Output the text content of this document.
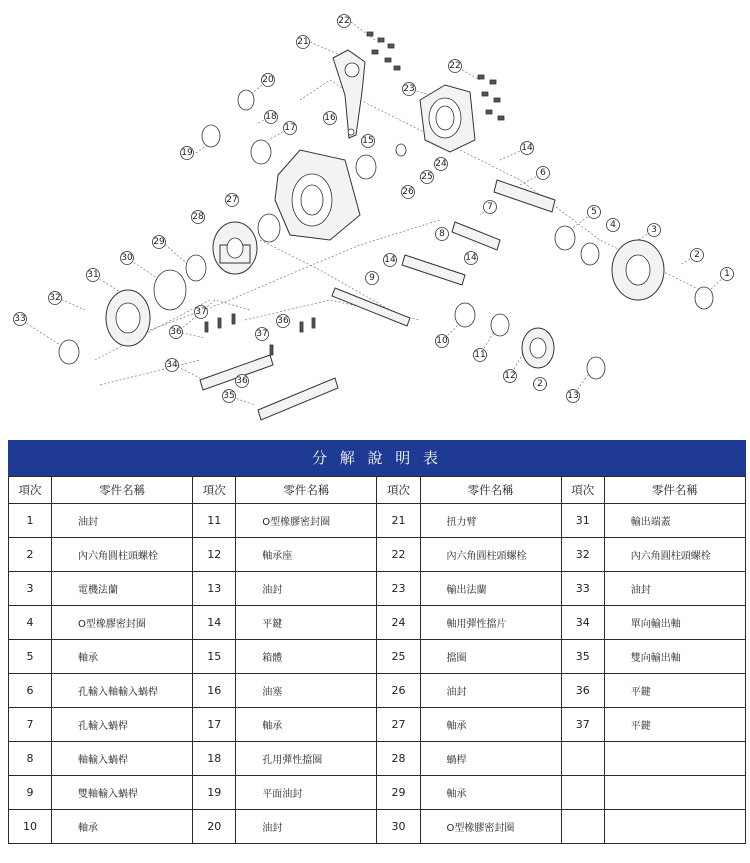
1
2
2
3
4
5
6
7
8
9
10
11
12
13
14
14
14
15
16
17
18
19
20
21
22
22
23
24
25
26
27
28
29
30
31
32
33
34
35
36
36
36
37
37
分 解 說 明 表
項次	零件名稱	項次	零件名稱	項次	零件名稱	項次	零件名稱
1	油封	11	O型橡膠密封圈	21	扭力臂	31	輸出端蓋
2	內六角圓柱頭螺栓	12	軸承座	22	內六角圓柱頭螺栓	32	內六角圓柱頭螺栓
3	電機法蘭	13	油封	23	輸出法蘭	33	油封
4	O型橡膠密封圈	14	平鍵	24	軸用彈性擋片	34	單向輸出軸
5	軸承	15	箱體	25	擋圈	35	雙向輸出軸
6	孔輸入軸輸入蝸桿	16	油塞	26	油封	36	平鍵
7	孔輸入蝸桿	17	軸承	27	軸承	37	平鍵
8	軸輸入蝸桿	18	孔用彈性擋圈	28	蝸桿		
9	雙軸輸入蝸桿	19	平面油封	29	軸承		
10	軸承	20	油封	30	O型橡膠密封圈		
